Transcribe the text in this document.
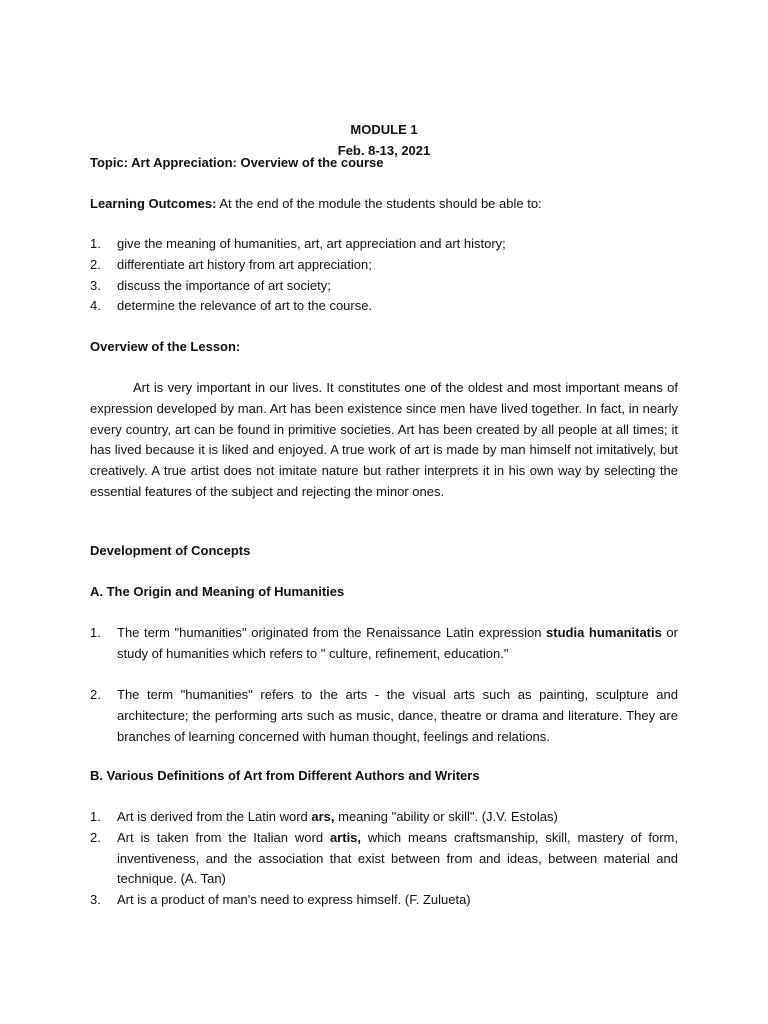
MODULE 1
Feb. 8-13, 2021
Topic: Art Appreciation: Overview of the course
Learning Outcomes: At the end of the module the students should be able to:
1. give the meaning of humanities, art, art appreciation and art history;
2. differentiate art history from art appreciation;
3. discuss the importance of art society;
4. determine the relevance of art to the course.
Overview of the Lesson:
Art is very important in our lives. It constitutes one of the oldest and most important means of expression developed by man. Art has been existence since men have lived together. In fact, in nearly every country, art can be found in primitive societies. Art has been created by all people at all times; it has lived because it is liked and enjoyed. A true work of art is made by man himself not imitatively, but creatively. A true artist does not imitate nature but rather interprets it in his own way by selecting the essential features of the subject and rejecting the minor ones.
Development of Concepts
A. The Origin and Meaning of Humanities
1. The term "humanities" originated from the Renaissance Latin expression studia humanitatis or study of humanities which refers to " culture, refinement, education."
2. The term "humanities" refers to the arts - the visual arts such as painting, sculpture and architecture; the performing arts such as music, dance, theatre or drama and literature. They are branches of learning concerned with human thought, feelings and relations.
B. Various Definitions of Art from Different Authors and Writers
1. Art is derived from the Latin word ars, meaning "ability or skill". (J.V. Estolas)
2. Art is taken from the Italian word artis, which means craftsmanship, skill, mastery of form, inventiveness, and the association that exist between from and ideas, between material and technique. (A. Tan)
3. Art is a product of man's need to express himself. (F. Zulueta)
